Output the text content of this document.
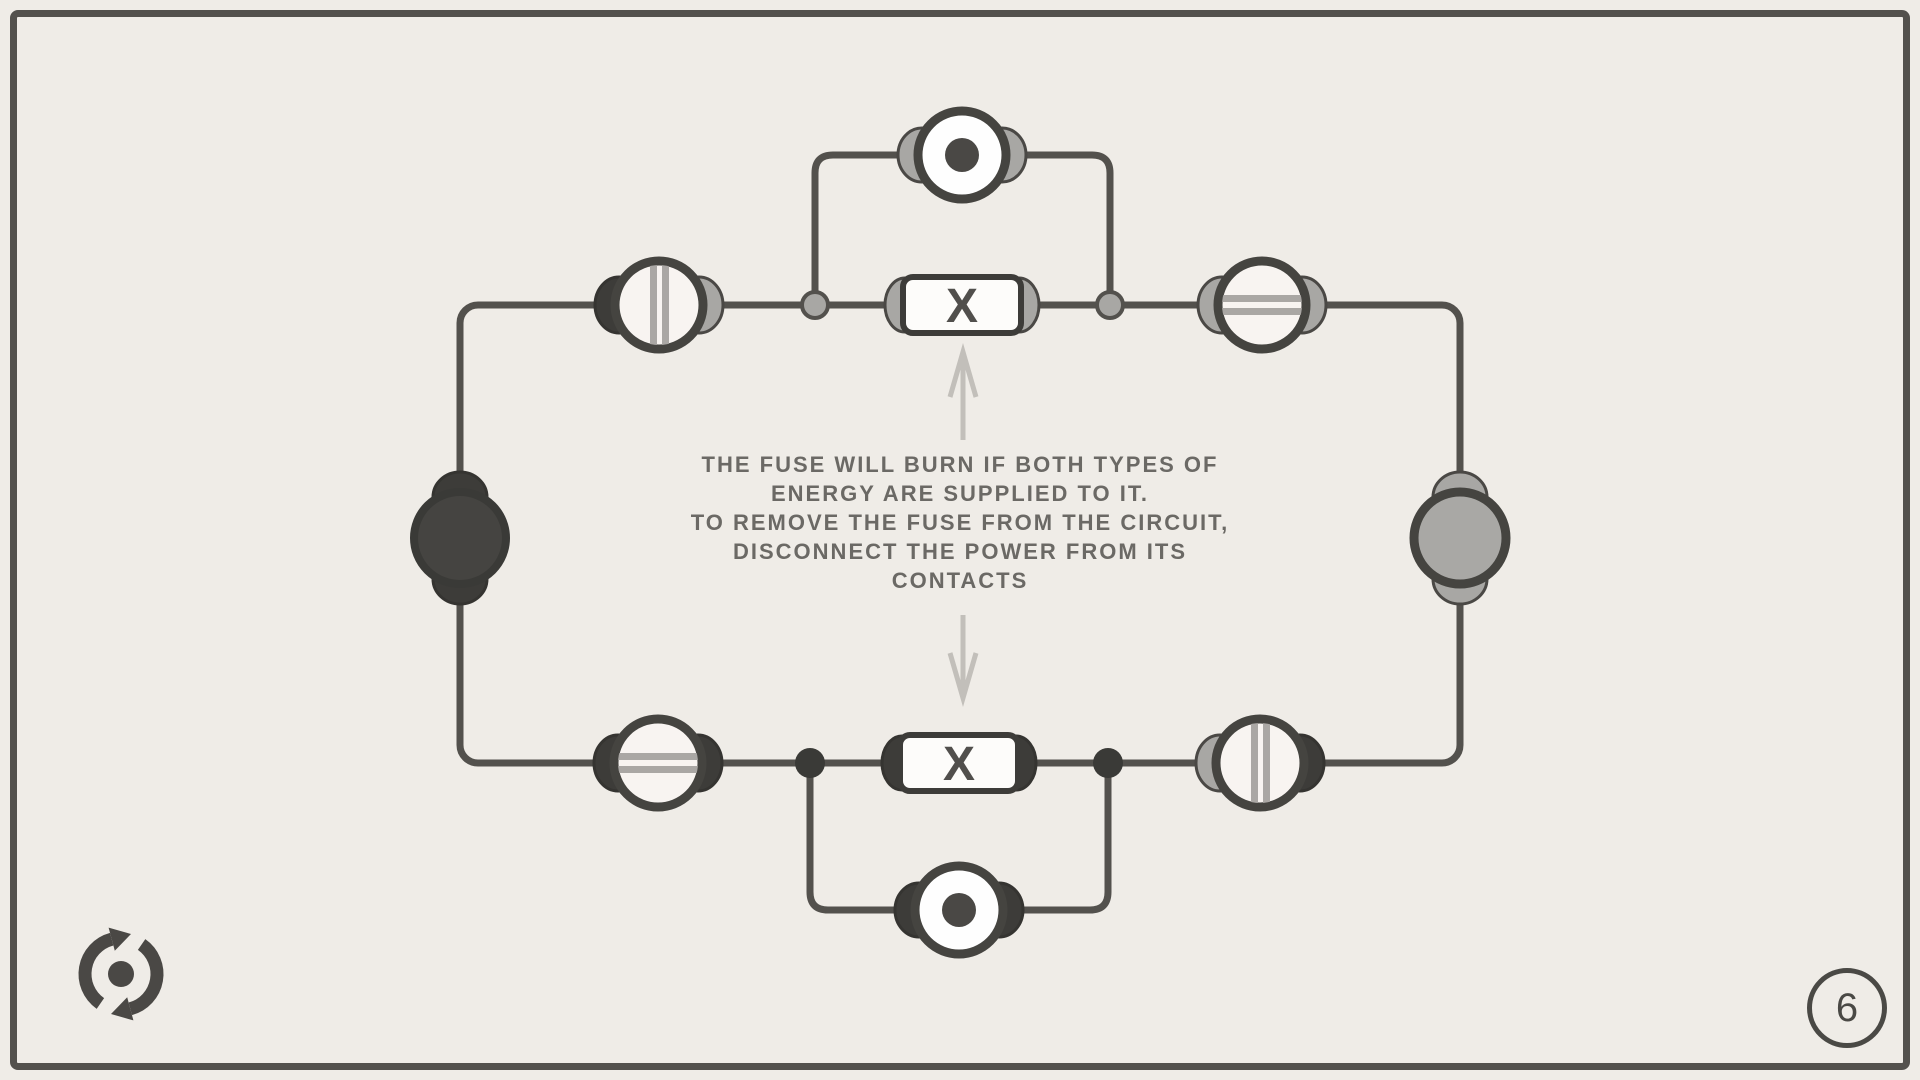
X
X
THE FUSE WILL BURN IF BOTH TYPES OF
ENERGY ARE SUPPLIED TO IT.
TO REMOVE THE FUSE FROM THE CIRCUIT,
DISCONNECT THE POWER FROM ITS
CONTACTS
6
